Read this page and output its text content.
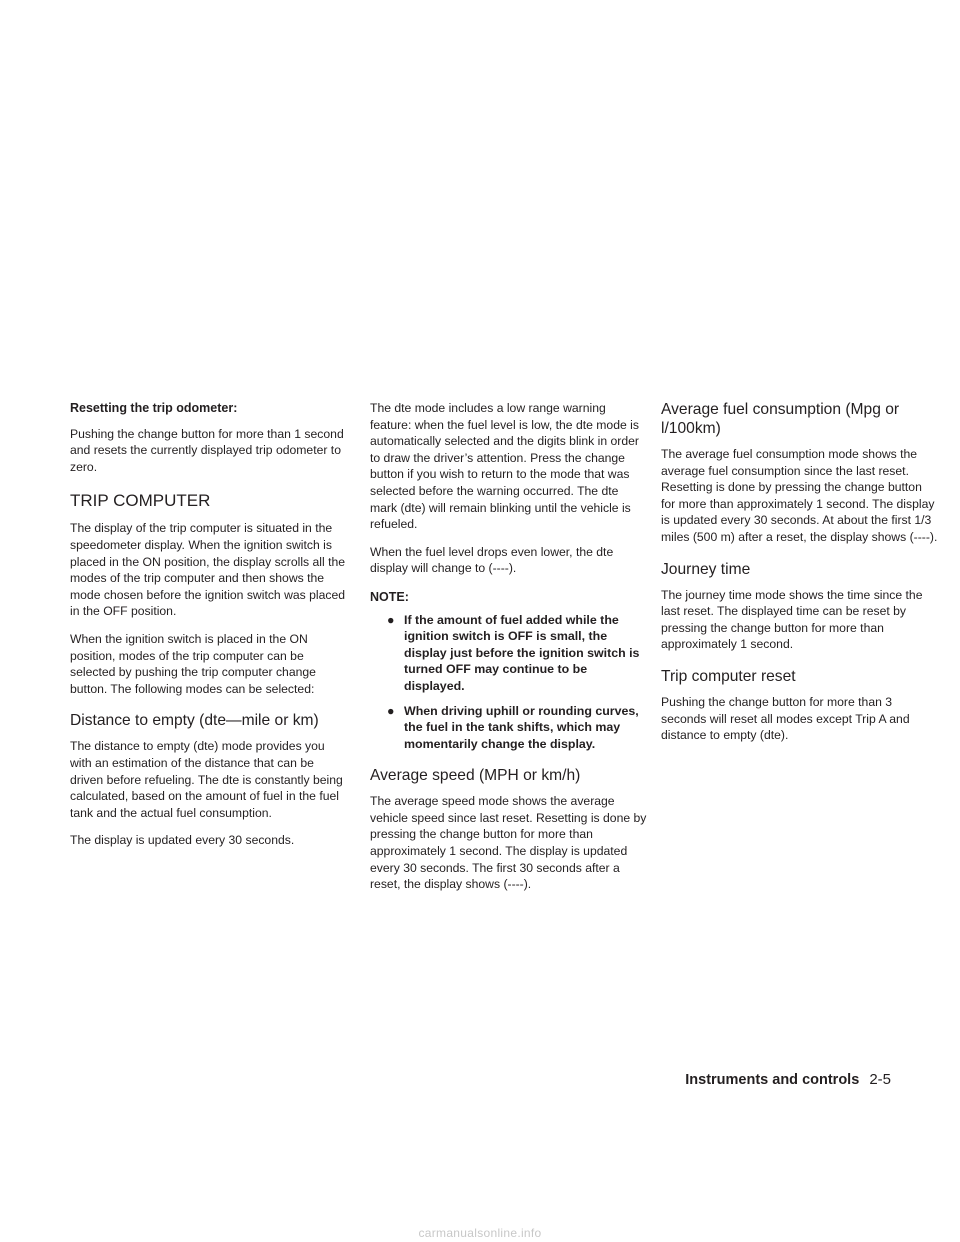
Resetting the trip odometer:

Pushing the change button for more than 1 second and resets the currently displayed trip odometer to zero.

TRIP COMPUTER

The display of the trip computer is situated in the speedometer display. When the ignition switch is placed in the ON position, the display scrolls all the modes of the trip computer and then shows the mode chosen before the ignition switch was placed in the OFF position.

When the ignition switch is placed in the ON position, modes of the trip computer can be selected by pushing the trip computer change button. The following modes can be selected:

Distance to empty (dte—mile or km)

The distance to empty (dte) mode provides you with an estimation of the distance that can be driven before refueling. The dte is constantly being calculated, based on the amount of fuel in the fuel tank and the actual fuel consumption.

The display is updated every 30 seconds.

The dte mode includes a low range warning feature: when the fuel level is low, the dte mode is automatically selected and the digits blink in order to draw the driver’s attention. Press the change button if you wish to return to the mode that was selected before the warning occurred. The dte mark (dte) will remain blinking until the vehicle is refueled.

When the fuel level drops even lower, the dte display will change to (----).

NOTE:

● If the amount of fuel added while the ignition switch is OFF is small, the display just before the ignition switch is turned OFF may continue to be displayed.
● When driving uphill or rounding curves, the fuel in the tank shifts, which may momentarily change the display.
Average speed (MPH or km/h)

The average speed mode shows the average vehicle speed since last reset. Resetting is done by pressing the change button for more than approximately 1 second. The display is updated every 30 seconds. The first 30 seconds after a reset, the display shows (----).

Average fuel consumption (Mpg or l/100km)

The average fuel consumption mode shows the average fuel consumption since the last reset. Resetting is done by pressing the change button for more than approximately 1 second. The display is updated every 30 seconds. At about the first 1/3 miles (500 m) after a reset, the display shows (----).

Journey time

The journey time mode shows the time since the last reset. The displayed time can be reset by pressing the change button for more than approximately 1 second.

Trip computer reset

Pushing the change button for more than 3 seconds will reset all modes except Trip A and distance to empty (dte).

Instruments and controls 2-5
carmanualsonline.info
